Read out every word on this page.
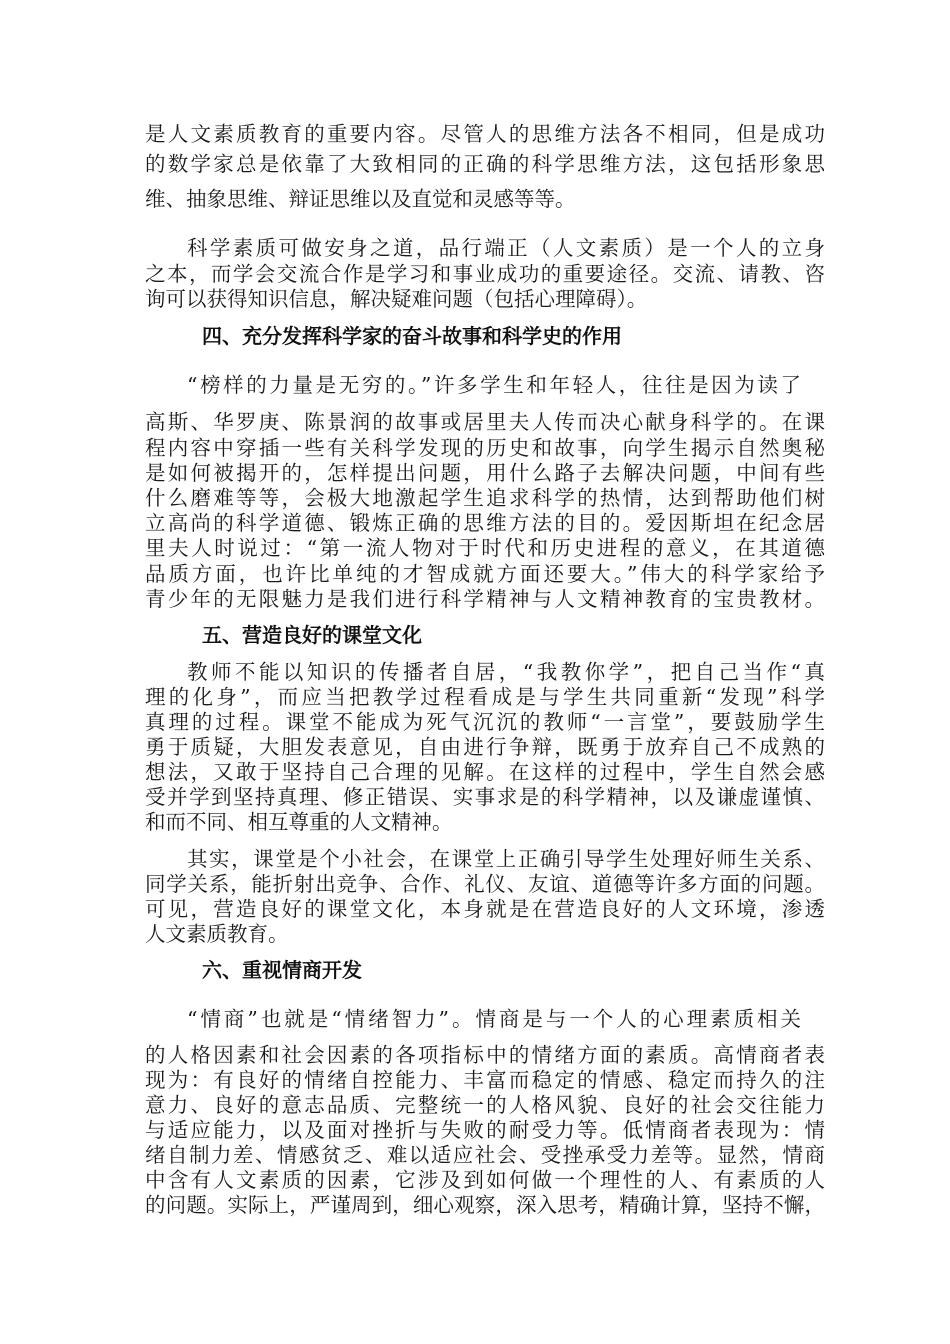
是人文素质教育的重要内容。尽管人的思维方法各不相同，但是成功
的数学家总是依靠了大致相同的正确的科学思维方法，这包括形象思
维、抽象思维、辩证思维以及直觉和灵感等等。
科学素质可做安身之道，品行端正（人文素质）是一个人的立身
之本，而学会交流合作是学习和事业成功的重要途径。交流、请教、咨
询可以获得知识信息，解决疑难问题（包括心理障碍）。
四、充分发挥科学家的奋斗故事和科学史的作用
“榜样的力量是无穷的。”许多学生和年轻人，往往是因为读了
高斯、华罗庚、陈景润的故事或居里夫人传而决心献身科学的。在课
程内容中穿插一些有关科学发现的历史和故事，向学生揭示自然奥秘
是如何被揭开的，怎样提出问题，用什么路子去解决问题，中间有些
什么磨难等等，会极大地激起学生追求科学的热情，达到帮助他们树
立高尚的科学道德、锻炼正确的思维方法的目的。爱因斯坦在纪念居
里夫人时说过：“第一流人物对于时代和历史进程的意义，在其道德
品质方面，也许比单纯的才智成就方面还要大。”伟大的科学家给予
青少年的无限魅力是我们进行科学精神与人文精神教育的宝贵教材。
五、营造良好的课堂文化
教师不能以知识的传播者自居，“我教你学”，把自己当作“真
理的化身”，而应当把教学过程看成是与学生共同重新“发现”科学
真理的过程。课堂不能成为死气沉沉的教师“一言堂”，要鼓励学生
勇于质疑，大胆发表意见，自由进行争辩，既勇于放弃自己不成熟的
想法，又敢于坚持自己合理的见解。在这样的过程中，学生自然会感
受并学到坚持真理、修正错误、实事求是的科学精神，以及谦虚谨慎、
和而不同、相互尊重的人文精神。
其实，课堂是个小社会，在课堂上正确引导学生处理好师生关系、
同学关系，能折射出竞争、合作、礼仪、友谊、道德等许多方面的问题。
可见，营造良好的课堂文化，本身就是在营造良好的人文环境，渗透
人文素质教育。
六、重视情商开发
“情商”也就是“情绪智力”。情商是与一个人的心理素质相关
的人格因素和社会因素的各项指标中的情绪方面的素质。高情商者表
现为：有良好的情绪自控能力、丰富而稳定的情感、稳定而持久的注
意力、良好的意志品质、完整统一的人格风貌、良好的社会交往能力
与适应能力，以及面对挫折与失败的耐受力等。低情商者表现为：情
绪自制力差、情感贫乏、难以适应社会、受挫承受力差等。显然，情商
中含有人文素质的因素，它涉及到如何做一个理性的人、有素质的人
的问题。实际上，严谨周到，细心观察，深入思考，精确计算，坚持不懈，
